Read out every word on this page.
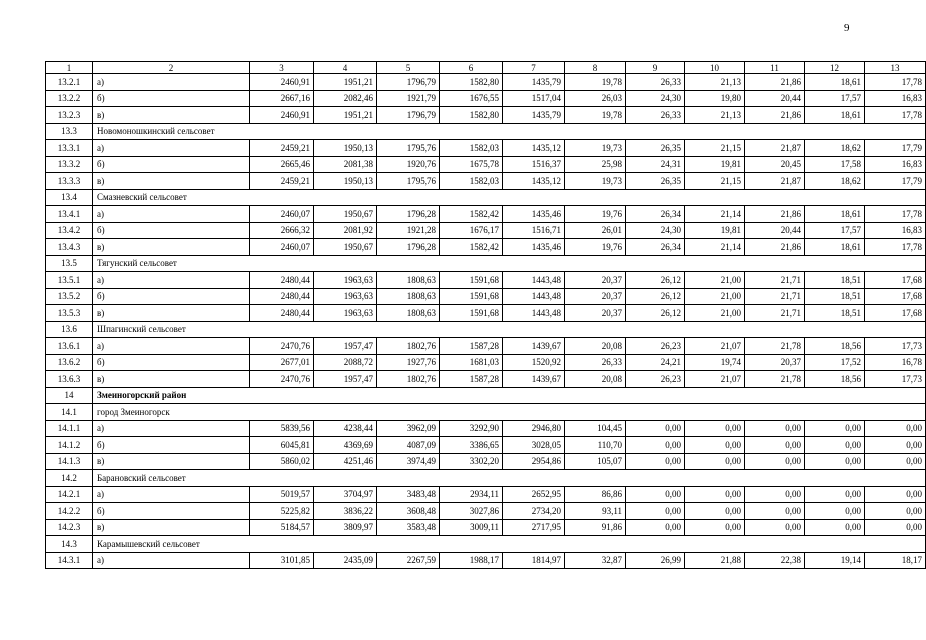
9
1	2	3	4	5	6	7	8	9	10	11	12	13
13.2.1	а)	2460,91	1951,21	1796,79	1582,80	1435,79	19,78	26,33	21,13	21,86	18,61	17,78
13.2.2	б)	2667,16	2082,46	1921,79	1676,55	1517,04	26,03	24,30	19,80	20,44	17,57	16,83
13.2.3	в)	2460,91	1951,21	1796,79	1582,80	1435,79	19,78	26,33	21,13	21,86	18,61	17,78
13.3	Новомоношкинский сельсовет											
13.3.1	а)	2459,21	1950,13	1795,76	1582,03	1435,12	19,73	26,35	21,15	21,87	18,62	17,79
13.3.2	б)	2665,46	2081,38	1920,76	1675,78	1516,37	25,98	24,31	19,81	20,45	17,58	16,83
13.3.3	в)	2459,21	1950,13	1795,76	1582,03	1435,12	19,73	26,35	21,15	21,87	18,62	17,79
13.4	Смазневский сельсовет											
13.4.1	а)	2460,07	1950,67	1796,28	1582,42	1435,46	19,76	26,34	21,14	21,86	18,61	17,78
13.4.2	б)	2666,32	2081,92	1921,28	1676,17	1516,71	26,01	24,30	19,81	20,44	17,57	16,83
13.4.3	в)	2460,07	1950,67	1796,28	1582,42	1435,46	19,76	26,34	21,14	21,86	18,61	17,78
13.5	Тягунский сельсовет											
13.5.1	а)	2480,44	1963,63	1808,63	1591,68	1443,48	20,37	26,12	21,00	21,71	18,51	17,68
13.5.2	б)	2480,44	1963,63	1808,63	1591,68	1443,48	20,37	26,12	21,00	21,71	18,51	17,68
13.5.3	в)	2480,44	1963,63	1808,63	1591,68	1443,48	20,37	26,12	21,00	21,71	18,51	17,68
13.6	Шпагинский сельсовет											
13.6.1	а)	2470,76	1957,47	1802,76	1587,28	1439,67	20,08	26,23	21,07	21,78	18,56	17,73
13.6.2	б)	2677,01	2088,72	1927,76	1681,03	1520,92	26,33	24,21	19,74	20,37	17,52	16,78
13.6.3	в)	2470,76	1957,47	1802,76	1587,28	1439,67	20,08	26,23	21,07	21,78	18,56	17,73
14	Змеиногорский район											
14.1	город Змеиногорск											
14.1.1	а)	5839,56	4238,44	3962,09	3292,90	2946,80	104,45	0,00	0,00	0,00	0,00	0,00
14.1.2	б)	6045,81	4369,69	4087,09	3386,65	3028,05	110,70	0,00	0,00	0,00	0,00	0,00
14.1.3	в)	5860,02	4251,46	3974,49	3302,20	2954,86	105,07	0,00	0,00	0,00	0,00	0,00
14.2	Барановский сельсовет											
14.2.1	а)	5019,57	3704,97	3483,48	2934,11	2652,95	86,86	0,00	0,00	0,00	0,00	0,00
14.2.2	б)	5225,82	3836,22	3608,48	3027,86	2734,20	93,11	0,00	0,00	0,00	0,00	0,00
14.2.3	в)	5184,57	3809,97	3583,48	3009,11	2717,95	91,86	0,00	0,00	0,00	0,00	0,00
14.3	Карамышевский сельсовет											
14.3.1	а)	3101,85	2435,09	2267,59	1988,17	1814,97	32,87	26,99	21,88	22,38	19,14	18,17
